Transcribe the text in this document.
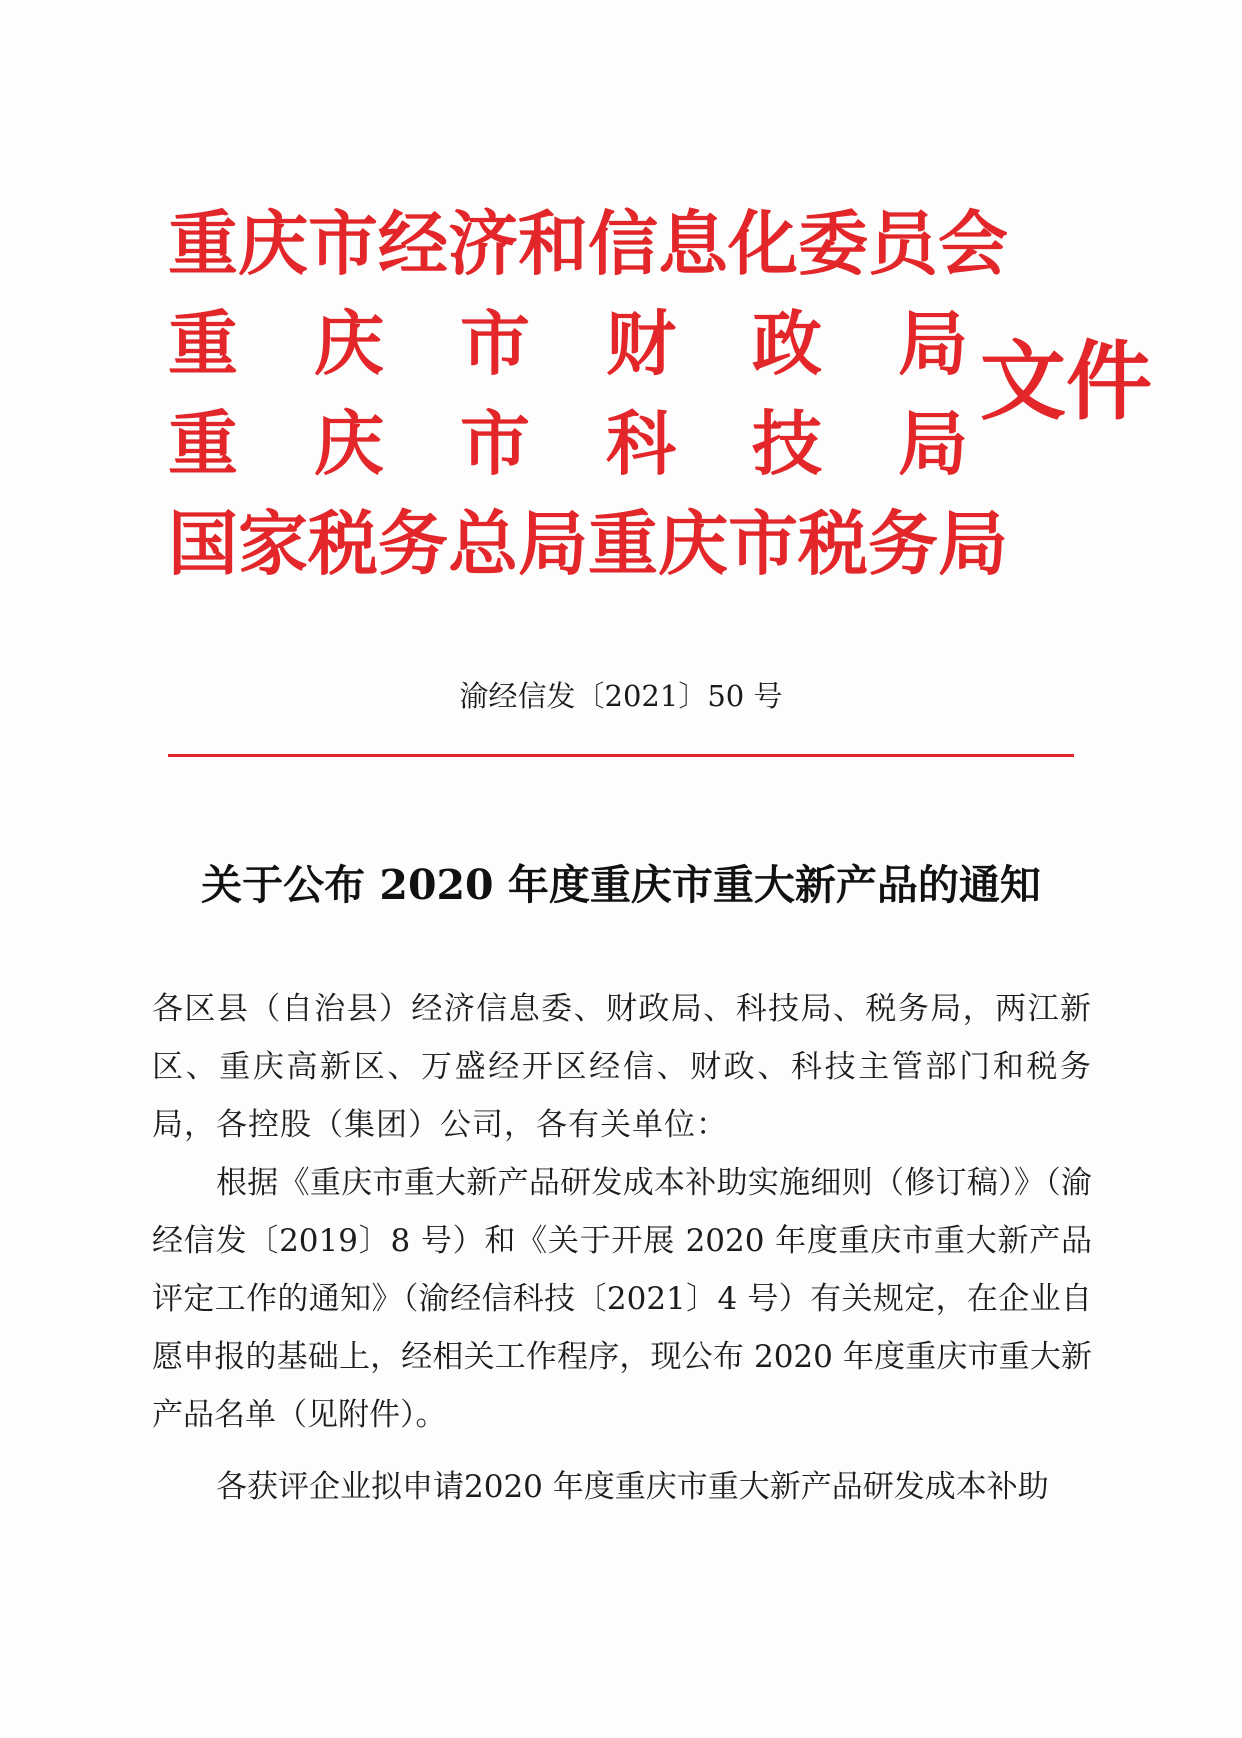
重庆市经济和信息化委员会
重　庆　市　财　政　局
重　庆　市　科　技　局
国家税务总局重庆市税务局
文件
渝经信发〔2021〕50 号
关于公布 2020 年度重庆市重大新产品的通知

各区县（自治县）经济信息委、财政局、科技局、税务局，两江新区、重庆高新区、万盛经开区经信、财政、科技主管部门和税务局，各控股（集团）公司，各有关单位：

根据《重庆市重大新产品研发成本补助实施细则（修订稿）》（渝经信发〔2019〕8 号）和《关于开展 2020 年度重庆市重大新产品评定工作的通知》（渝经信科技〔2021〕4 号）有关规定，在企业自愿申报的基础上，经相关工作程序，现公布 2020 年度重庆市重大新产品名单（见附件）。

各获评企业拟申请2020 年度重庆市重大新产品研发成本补助
